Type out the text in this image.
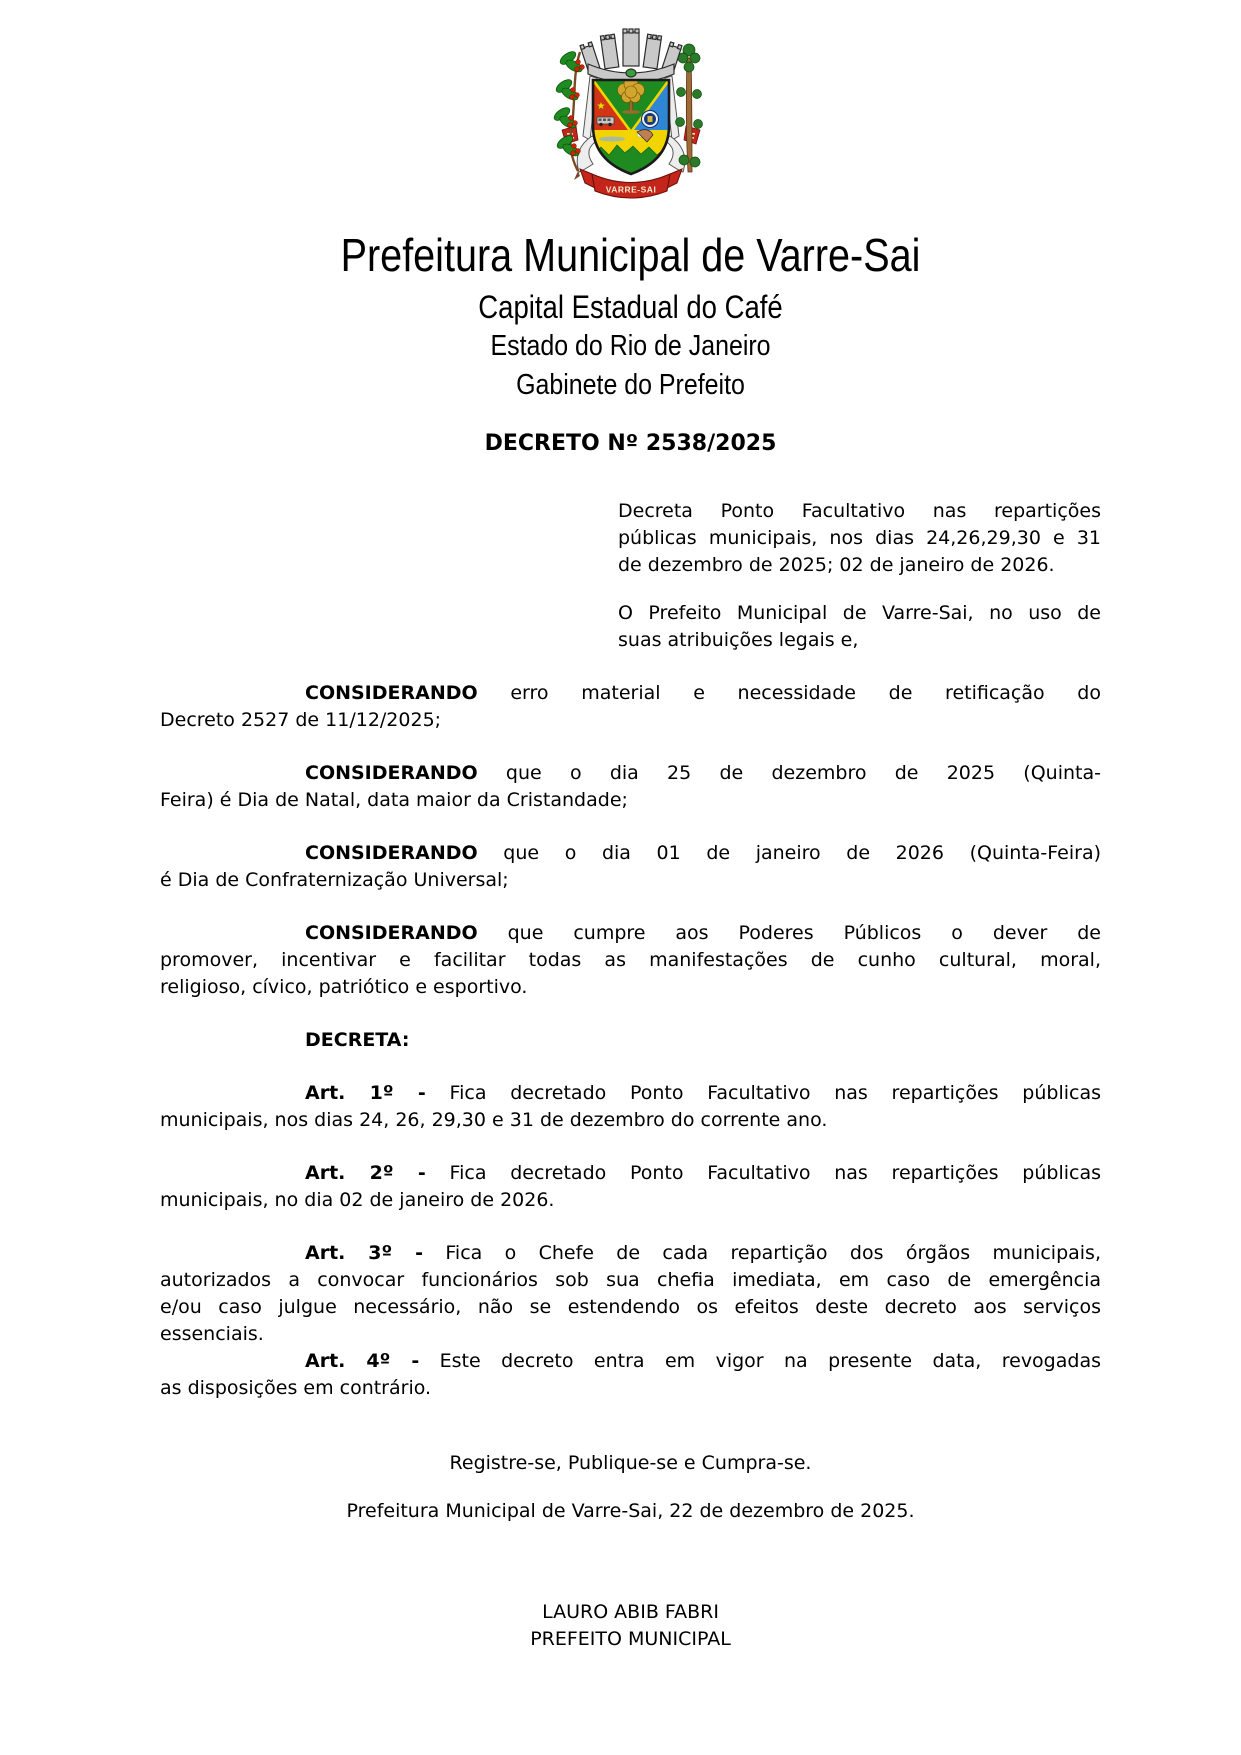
VARRE-SAI
Prefeitura Municipal de Varre-Sai
Capital Estadual do Café
Estado do Rio de Janeiro
Gabinete do Prefeito
DECRETO Nº 2538/2025
Decreta Ponto Facultativo nas repartições
públicas municipais, nos dias 24,26,29,30 e 31
de dezembro de 2025; 02 de janeiro de 2026.
O Prefeito Municipal de Varre-Sai, no uso de
suas atribuições legais e,
CONSIDERANDO erro material e necessidade de retificação do
Decreto 2527 de 11/12/2025;
CONSIDERANDO que o dia 25 de dezembro de 2025 (Quinta-
Feira) é Dia de Natal, data maior da Cristandade;
CONSIDERANDO que o dia 01 de janeiro de 2026 (Quinta-Feira)
é Dia de Confraternização Universal;
CONSIDERANDO que cumpre aos Poderes Públicos o dever de
promover, incentivar e facilitar todas as manifestações de cunho cultural, moral,
religioso, cívico, patriótico e esportivo.
DECRETA:
Art. 1º - Fica decretado Ponto Facultativo nas repartições públicas
municipais, nos dias 24, 26, 29,30 e 31 de dezembro do corrente ano.
Art. 2º - Fica decretado Ponto Facultativo nas repartições públicas
municipais, no dia 02 de janeiro de 2026.
Art. 3º - Fica o Chefe de cada repartição dos órgãos municipais,
autorizados a convocar funcionários sob sua chefia imediata, em caso de emergência
e/ou caso julgue necessário, não se estendendo os efeitos deste decreto aos serviços
essenciais.
Art. 4º - Este decreto entra em vigor na presente data, revogadas
as disposições em contrário.
Registre-se, Publique-se e Cumpra-se.
Prefeitura Municipal de Varre-Sai, 22 de dezembro de 2025.
LAURO ABIB FABRI
PREFEITO MUNICIPAL
